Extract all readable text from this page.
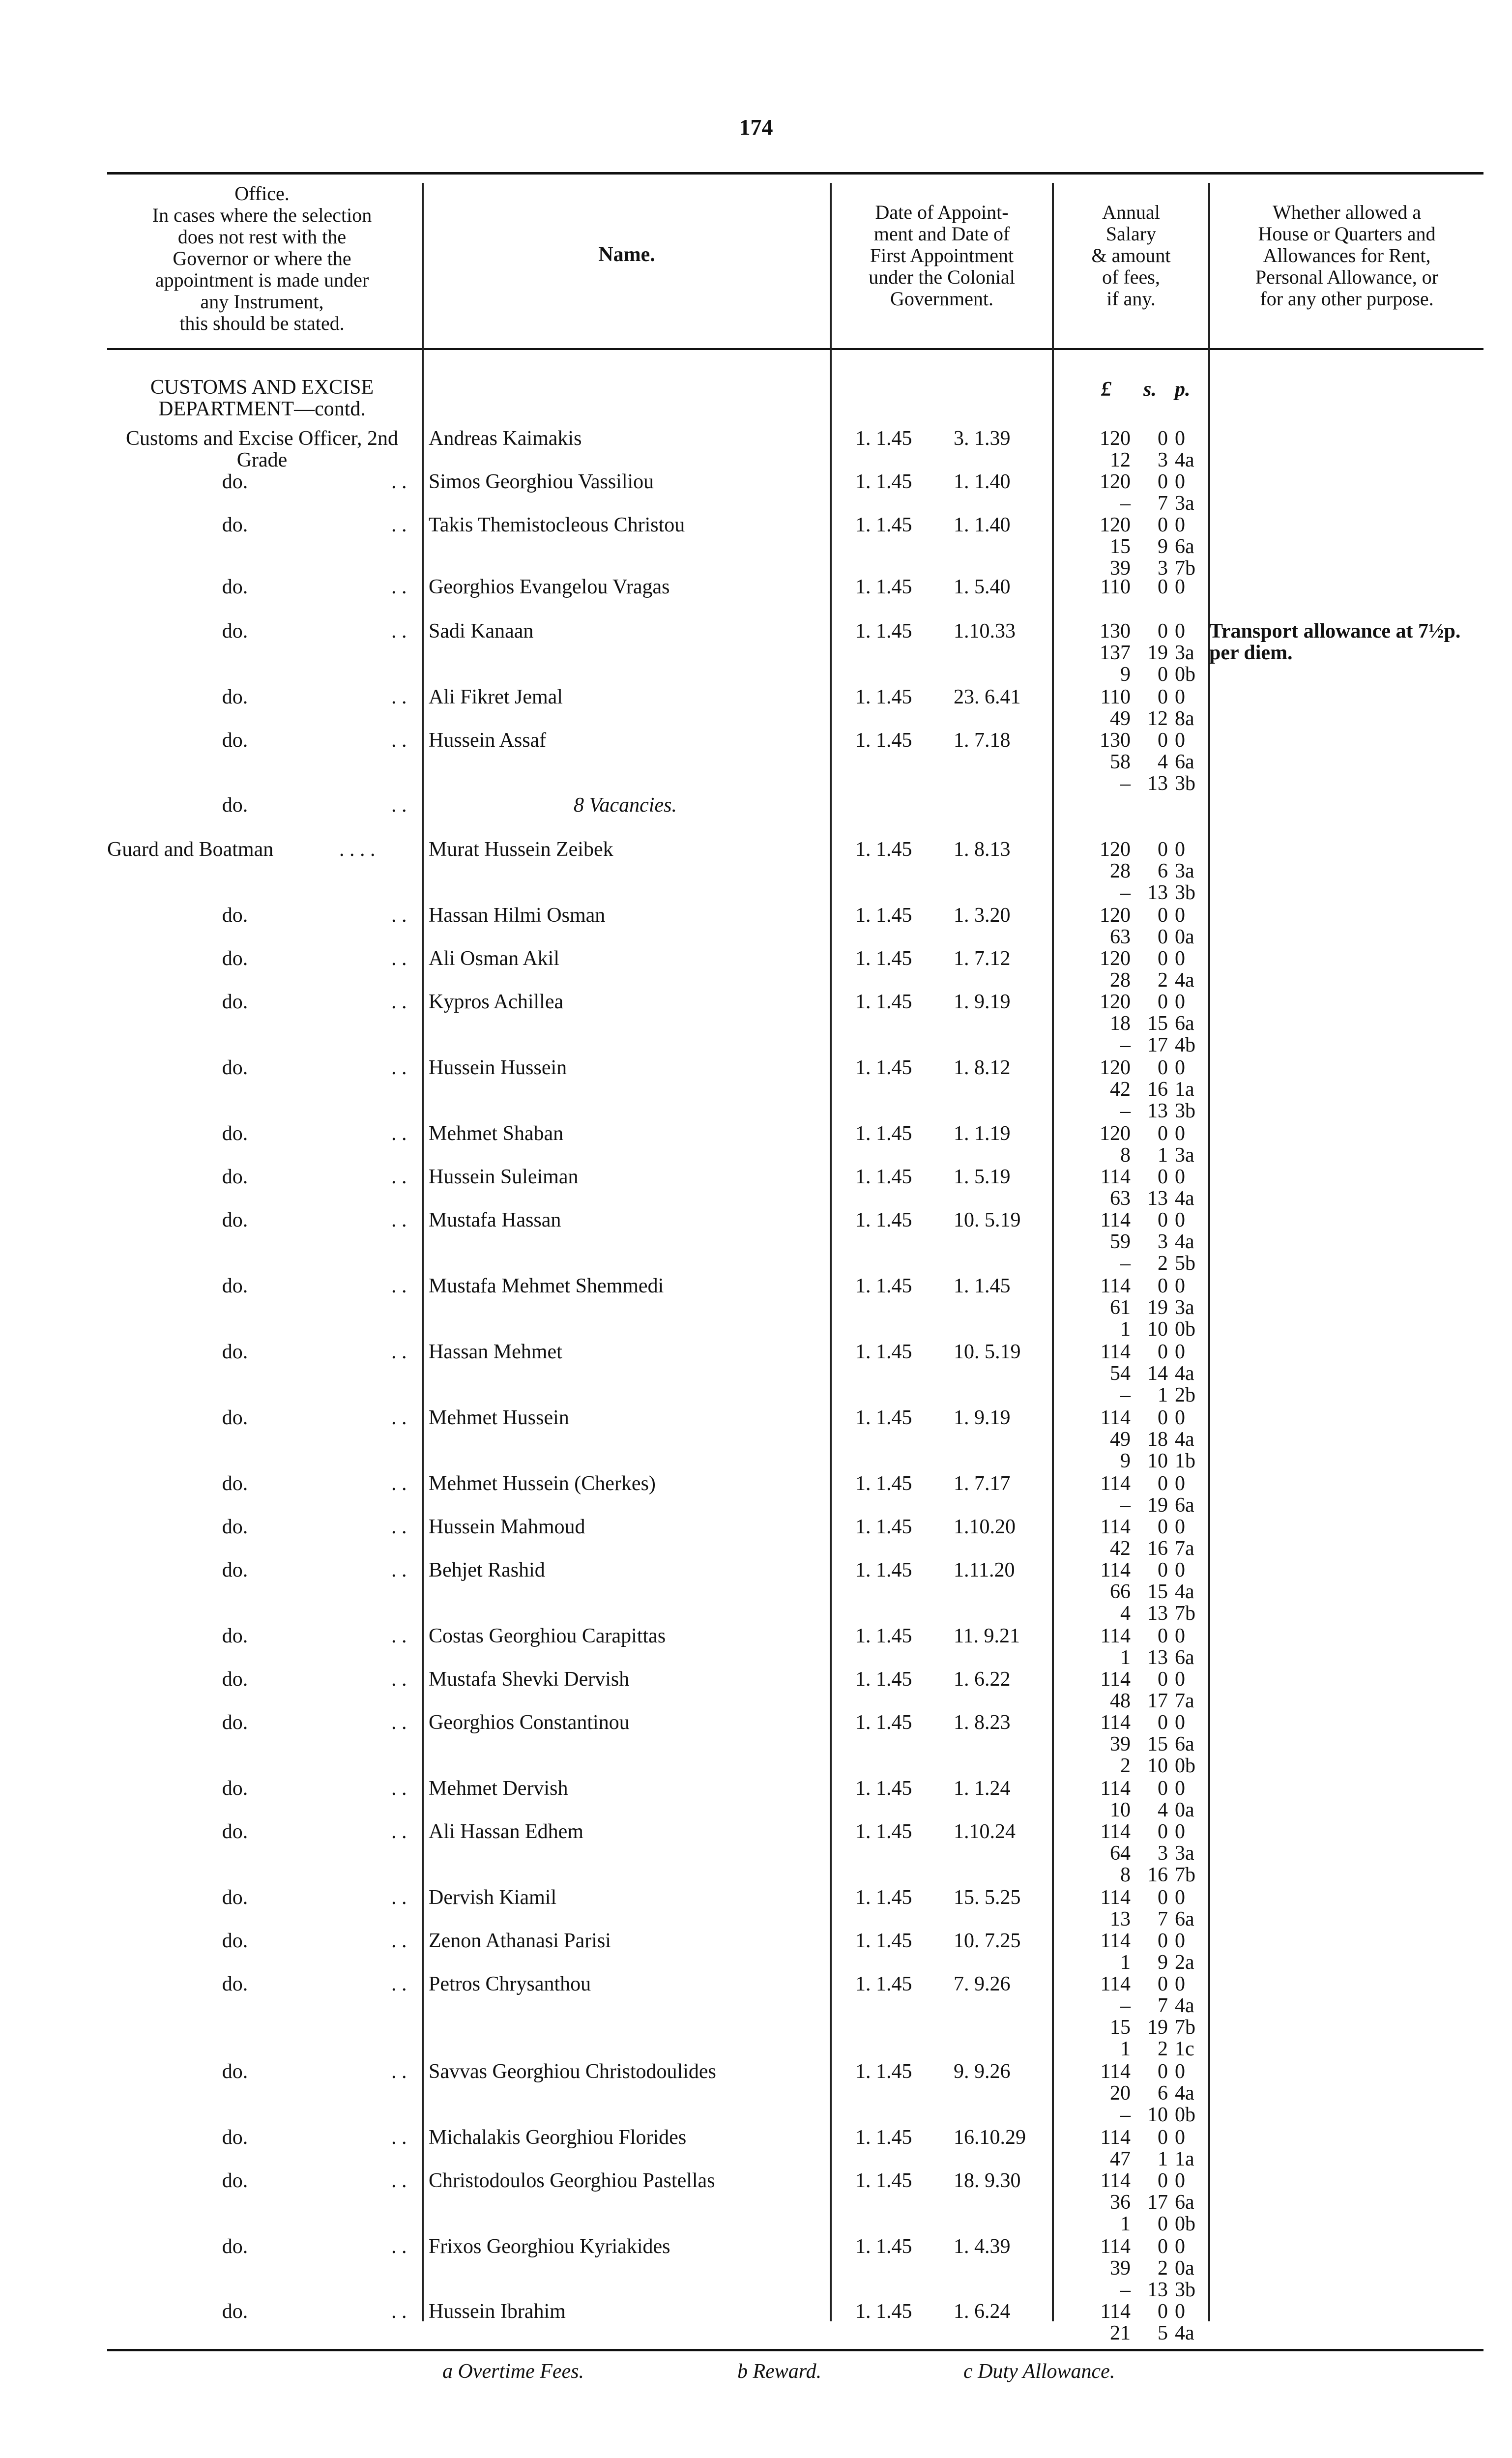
174
Office.
In cases where the selection
does not rest with the
Governor or where the
appointment is made under
any Instrument,
this should be stated.
Name.
Date of Appoint-
ment and Date of
First Appointment
under the Colonial
Government.
Annual
Salary
& amount
of fees,
if any.
Whether allowed a
House or Quarters and
Allowances for Rent,
Personal Allowance, or
for any other purpose.
CUSTOMS AND EXCISE
DEPARTMENT—contd.
£ s. p.
Customs and Excise Officer, 2nd Grade
Andreas Kaimakis	1. 1.45 3. 1.39	120 0 0
12 3 4a
do.	. . Simos Georghiou Vassiliou	1. 1.45 1. 1.40	120 0 0
– 7 3a
do.	. . Takis Themistocleous Christou	1. 1.45 1. 1.40	120 0 0
15 9 6a
39 3 7b
do.	. . Georghios Evangelou Vragas	1. 1.45 1. 5.40	110 0 0
do.	. . Sadi Kanaan	1. 1.45 1.10.33	130 0 0
137 19 3a
9 0 0b
Transport allowance at 7½p. per diem.
do.	. . Ali Fikret Jemal	1. 1.45 23. 6.41	110 0 0
49 12 8a
do.	. . Hussein Assaf	1. 1.45 1. 7.18	130 0 0
58 4 6a
– 13 3b
do.	. .	8 Vacancies.
Guard and Boatman	. . . .	Murat Hussein Zeibek	1. 1.45 1. 8.13	120 0 0
28 6 3a
– 13 3b
do.	. . Hassan Hilmi Osman	1. 1.45 1. 3.20	120 0 0
63 0 0a
do.	. . Ali Osman Akil	1. 1.45 1. 7.12	120 0 0
28 2 4a
do.	. . Kypros Achillea	1. 1.45 1. 9.19	120 0 0
18 15 6a
– 17 4b
do.	. . Hussein Hussein	1. 1.45 1. 8.12	120 0 0
42 16 1a
– 13 3b
do.	. . Mehmet Shaban	1. 1.45 1. 1.19	120 0 0
8 1 3a
do.	. . Hussein Suleiman	1. 1.45 1. 5.19	114 0 0
63 13 4a
do.	. . Mustafa Hassan	1. 1.45 10. 5.19	114 0 0
59 3 4a
– 2 5b
do.	. . Mustafa Mehmet Shemmedi	1. 1.45 1. 1.45	114 0 0
61 19 3a
1 10 0b
do.	. . Hassan Mehmet	1. 1.45 10. 5.19	114 0 0
54 14 4a
– 1 2b
do.	. . Mehmet Hussein	1. 1.45 1. 9.19	114 0 0
49 18 4a
9 10 1b
do.	. . Mehmet Hussein (Cherkes)	1. 1.45 1. 7.17	114 0 0
– 19 6a
do.	. . Hussein Mahmoud	1. 1.45 1.10.20	114 0 0
42 16 7a
do.	. . Behjet Rashid	1. 1.45 1.11.20	114 0 0
66 15 4a
4 13 7b
do.	. . Costas Georghiou Carapittas	1. 1.45 11. 9.21	114 0 0
1 13 6a
do.	. . Mustafa Shevki Dervish	1. 1.45 1. 6.22	114 0 0
48 17 7a
do.	. . Georghios Constantinou	1. 1.45 1. 8.23	114 0 0
39 15 6a
2 10 0b
do.	. . Mehmet Dervish	1. 1.45 1. 1.24	114 0 0
10 4 0a
do.	. . Ali Hassan Edhem	1. 1.45 1.10.24	114 0 0
64 3 3a
8 16 7b
do.	. . Dervish Kiamil	1. 1.45 15. 5.25	114 0 0
13 7 6a
do.	. . Zenon Athanasi Parisi	1. 1.45 10. 7.25	114 0 0
1 9 2a
do.	. . Petros Chrysanthou	1. 1.45 7. 9.26	114 0 0
– 7 4a
15 19 7b
1 2 1c
do.	. . Savvas Georghiou Christodoulides	1. 1.45 9. 9.26	114 0 0
20 6 4a
– 10 0b
do.	. . Michalakis Georghiou Florides	1. 1.45 16.10.29	114 0 0
47 1 1a
do.	. . Christodoulos Georghiou Pastellas	1. 1.45 18. 9.30	114 0 0
36 17 6a
1 0 0b
do.	. . Frixos Georghiou Kyriakides	1. 1.45 1. 4.39	114 0 0
39 2 0a
– 13 3b
do.	. . Hussein Ibrahim	1. 1.45 1. 6.24	114 0 0
21 5 4a
a Overtime Fees.	b Reward.	c Duty Allowance.
